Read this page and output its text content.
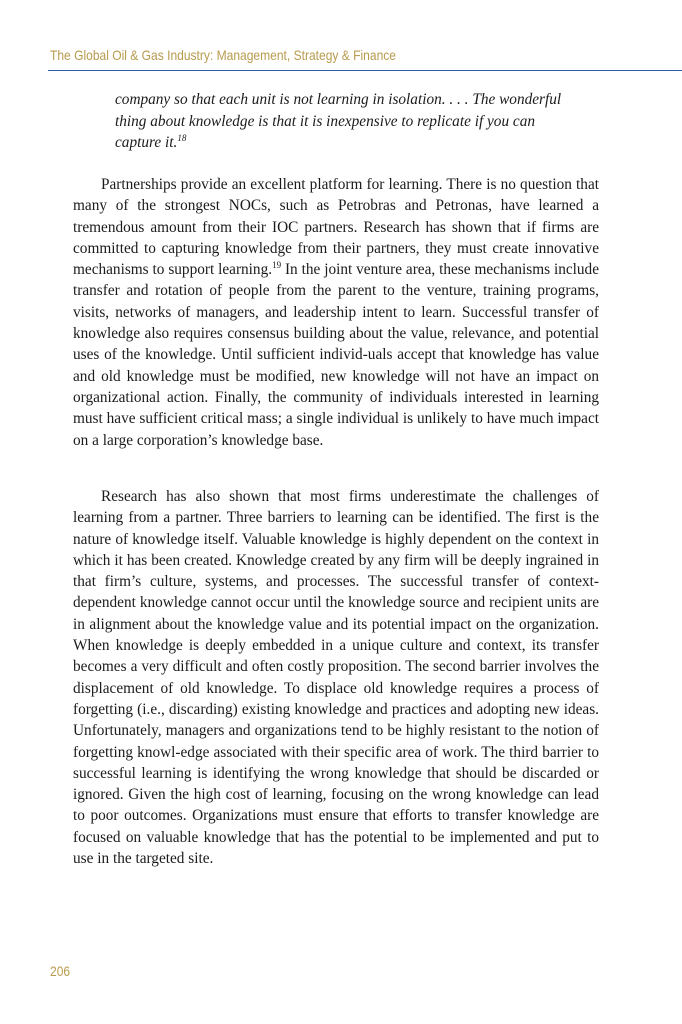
The Global Oil & Gas Industry: Management, Strategy & Finance

company so that each unit is not learning in isolation. . . . The wonderful thing about knowledge is that it is inexpensive to replicate if you can capture it.$^{18}$

Partnerships provide an excellent platform for learning. There is no question that many of the strongest NOCs, such as Petrobras and Petronas, have learned a tremendous amount from their IOC partners. Research has shown that if firms are committed to capturing knowledge from their partners, they must create innovative mechanisms to support learning.$^{19}$ In the joint venture area, these mechanisms include transfer and rotation of people from the parent to the venture, training programs, visits, networks of managers, and leadership intent to learn. Successful transfer of knowledge also requires consensus building about the value, relevance, and potential uses of the knowledge. Until sufficient individ-uals accept that knowledge has value and old knowledge must be modified, new knowledge will not have an impact on organizational action. Finally, the community of individuals interested in learning must have sufficient critical mass; a single individual is unlikely to have much impact on a large corporation’s knowledge base.

Research has also shown that most firms underestimate the challenges of learning from a partner. Three barriers to learning can be identified. The first is the nature of knowledge itself. Valuable knowledge is highly dependent on the context in which it has been created. Knowledge created by any firm will be deeply ingrained in that firm’s culture, systems, and processes. The successful transfer of context-dependent knowledge cannot occur until the knowledge source and recipient units are in alignment about the knowledge value and its potential impact on the organization. When knowledge is deeply embedded in a unique culture and context, its transfer becomes a very difficult and often costly proposition. The second barrier involves the displacement of old knowledge. To displace old knowledge requires a process of forgetting (i.e., discarding) existing knowledge and practices and adopting new ideas. Unfortunately, managers and organizations tend to be highly resistant to the notion of forgetting knowl-edge associated with their specific area of work. The third barrier to successful learning is identifying the wrong knowledge that should be discarded or ignored. Given the high cost of learning, focusing on the wrong knowledge can lead to poor outcomes. Organizations must ensure that efforts to transfer knowledge are focused on valuable knowledge that has the potential to be implemented and put to use in the targeted site.

206
